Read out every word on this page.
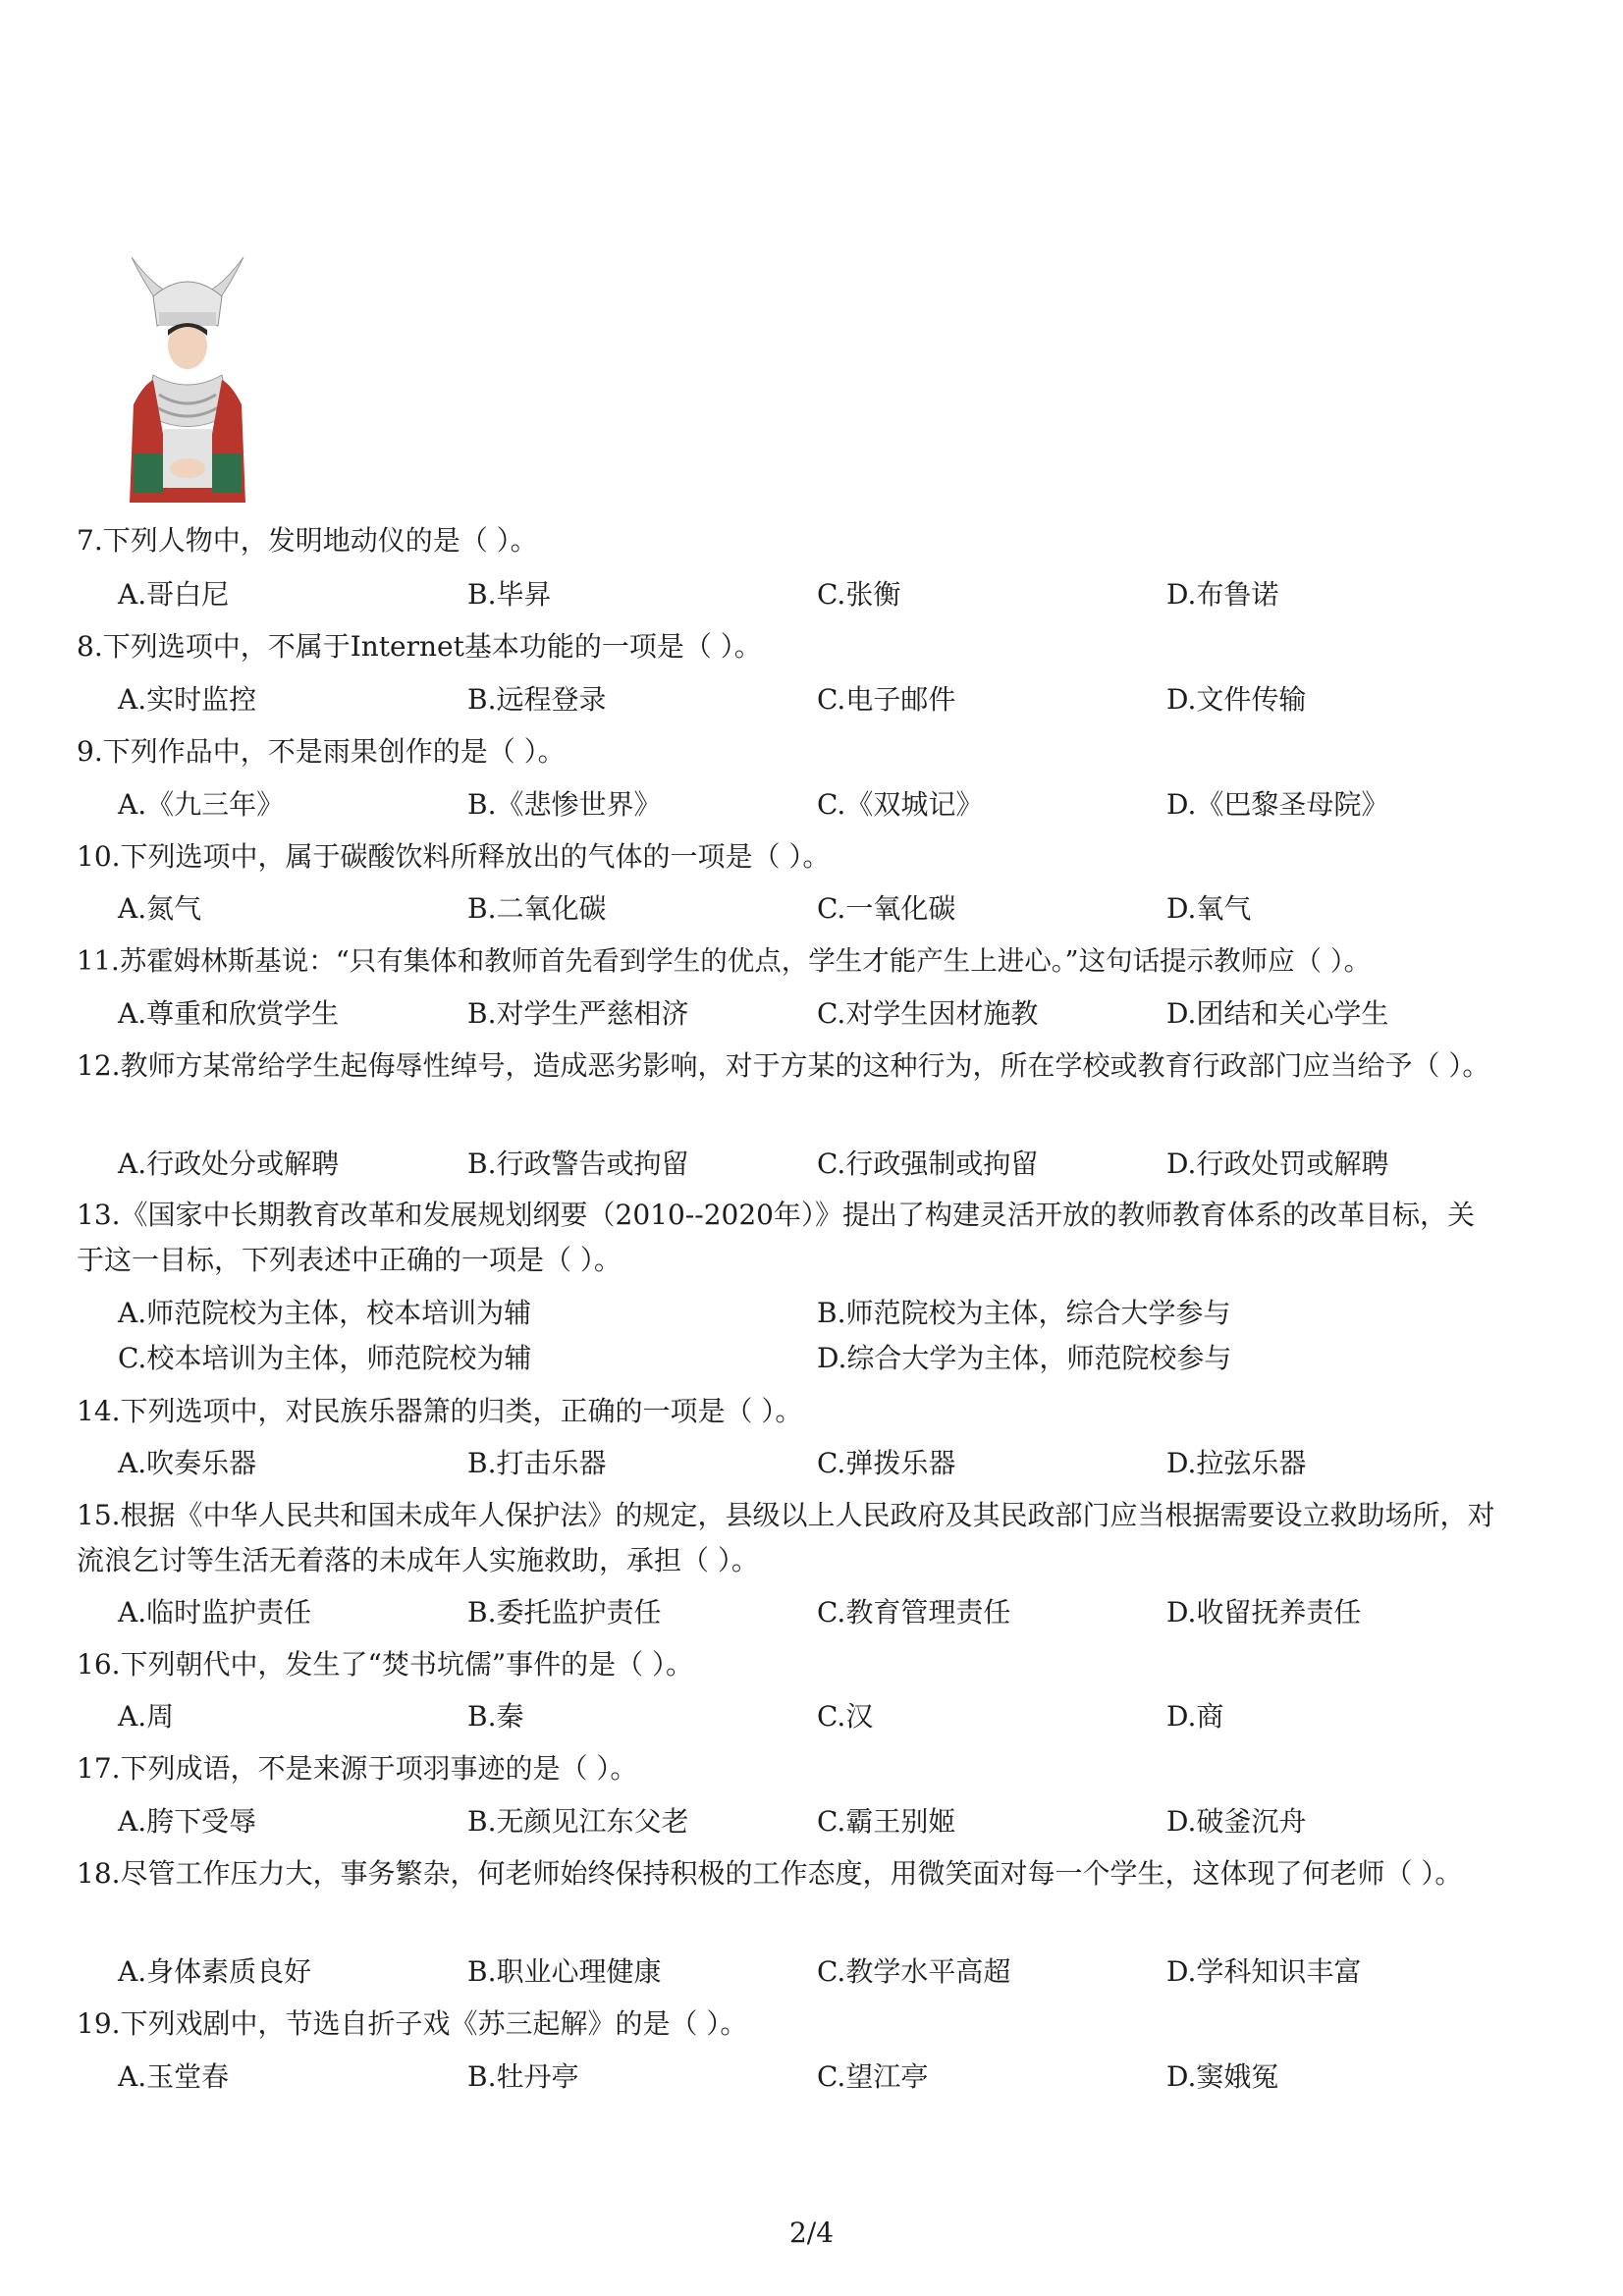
7.下列人物中，发明地动仪的是（ ）。
A.哥白尼	B.毕昇	C.张衡	D.布鲁诺
8.下列选项中，不属于Internet基本功能的一项是（ ）。
A.实时监控	B.远程登录	C.电子邮件	D.文件传输
9.下列作品中，不是雨果创作的是（ ）。
A.《九三年》	B.《悲惨世界》	C.《双城记》	D.《巴黎圣母院》
10.下列选项中，属于碳酸饮料所释放出的气体的一项是（ ）。
A.氮气	B.二氧化碳	C.一氧化碳	D.氧气
11.苏霍姆林斯基说：“只有集体和教师首先看到学生的优点，学生才能产生上进心。”这句话提示教师应（ ）。
A.尊重和欣赏学生	B.对学生严慈相济	C.对学生因材施教	D.团结和关心学生
12.教师方某常给学生起侮辱性绰号，造成恶劣影响，对于方某的这种行为，所在学校或教育行政部门应当给予（ ）。
A.行政处分或解聘	B.行政警告或拘留	C.行政强制或拘留	D.行政处罚或解聘
13.《国家中长期教育改革和发展规划纲要（2010--2020年）》提出了构建灵活开放的教师教育体系的改革目标，关于这一目标，下列表述中正确的一项是（ ）。
A.师范院校为主体，校本培训为辅	B.师范院校为主体，综合大学参与
C.校本培训为主体，师范院校为辅	D.综合大学为主体，师范院校参与
14.下列选项中，对民族乐器箫的归类，正确的一项是（ ）。
A.吹奏乐器	B.打击乐器	C.弹拨乐器	D.拉弦乐器
15.根据《中华人民共和国未成年人保护法》的规定，县级以上人民政府及其民政部门应当根据需要设立救助场所，对流浪乞讨等生活无着落的未成年人实施救助，承担（ ）。
A.临时监护责任	B.委托监护责任	C.教育管理责任	D.收留抚养责任
16.下列朝代中，发生了“焚书坑儒”事件的是（ ）。
A.周	B.秦	C.汉	D.商
17.下列成语，不是来源于项羽事迹的是（ ）。
A.胯下受辱	B.无颜见江东父老	C.霸王别姬	D.破釜沉舟
18.尽管工作压力大，事务繁杂，何老师始终保持积极的工作态度，用微笑面对每一个学生，这体现了何老师（ ）。
A.身体素质良好	B.职业心理健康	C.教学水平高超	D.学科知识丰富
19.下列戏剧中，节选自折子戏《苏三起解》的是（ ）。
A.玉堂春	B.牡丹亭	C.望江亭	D.窦娥冤
2/4
